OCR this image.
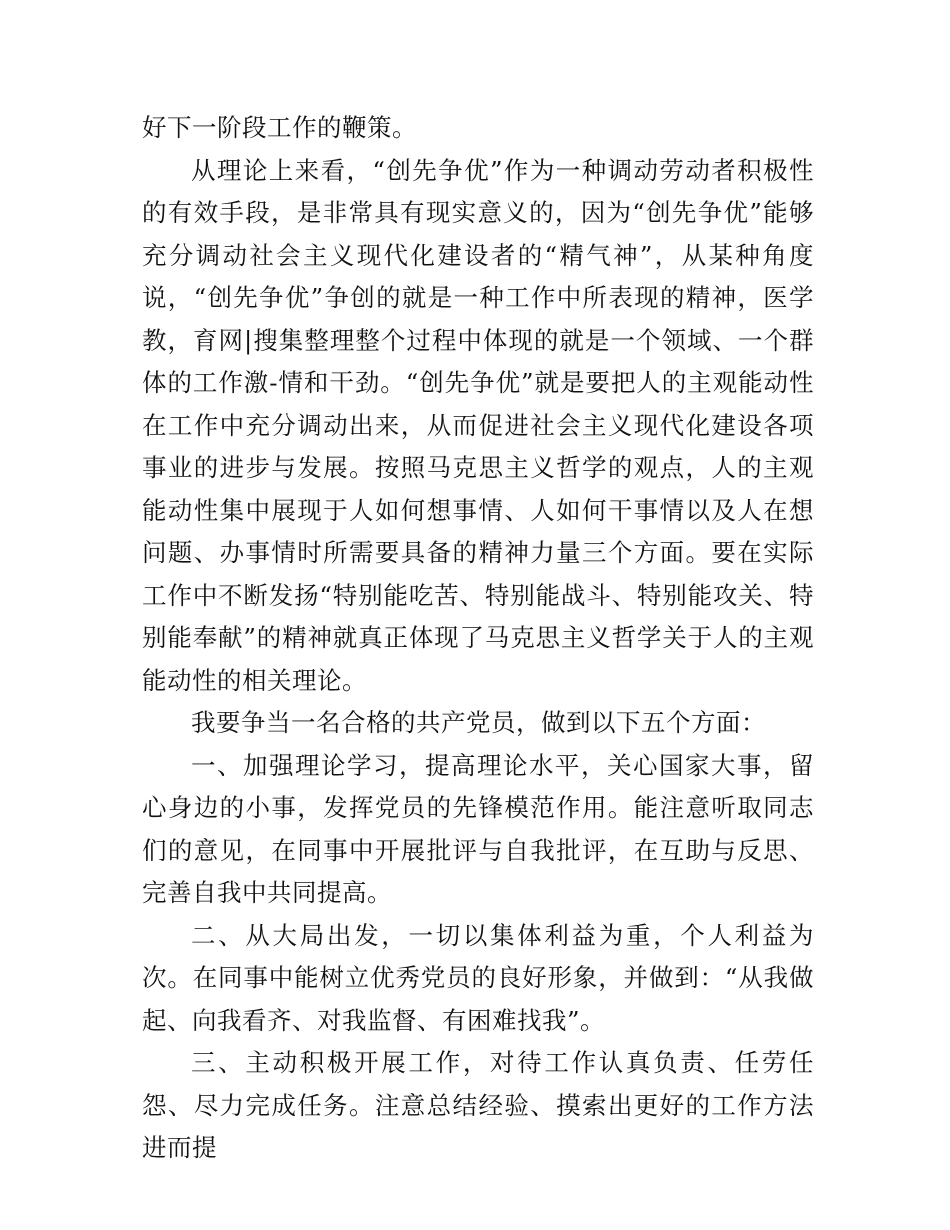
好下一阶段工作的鞭策。

从理论上来看，“创先争优”作为一种调动劳动者积极性的有效手段，是非常具有现实意义的，因为“创先争优”能够充分调动社会主义现代化建设者的“精气神”，从某种角度说，“创先争优”争创的就是一种工作中所表现的精神，医学教，育网|搜集整理整个过程中体现的就是一个领域、一个群体的工作激-情和干劲。“创先争优”就是要把人的主观能动性在工作中充分调动出来，从而促进社会主义现代化建设各项事业的进步与发展。按照马克思主义哲学的观点，人的主观能动性集中展现于人如何想事情、人如何干事情以及人在想问题、办事情时所需要具备的精神力量三个方面。要在实际工作中不断发扬“特别能吃苦、特别能战斗、特别能攻关、特别能奉献”的精神就真正体现了马克思主义哲学关于人的主观能动性的相关理论。

我要争当一名合格的共产党员，做到以下五个方面：

一、加强理论学习，提高理论水平，关心国家大事，留心身边的小事，发挥党员的先锋模范作用。能注意听取同志们的意见，在同事中开展批评与自我批评，在互助与反思、完善自我中共同提高。

二、从大局出发，一切以集体利益为重，个人利益为次。在同事中能树立优秀党员的良好形象，并做到：“从我做起、向我看齐、对我监督、有困难找我”。

三、主动积极开展工作，对待工作认真负责、任劳任怨、尽力完成任务。注意总结经验、摸索出更好的工作方法进而提
